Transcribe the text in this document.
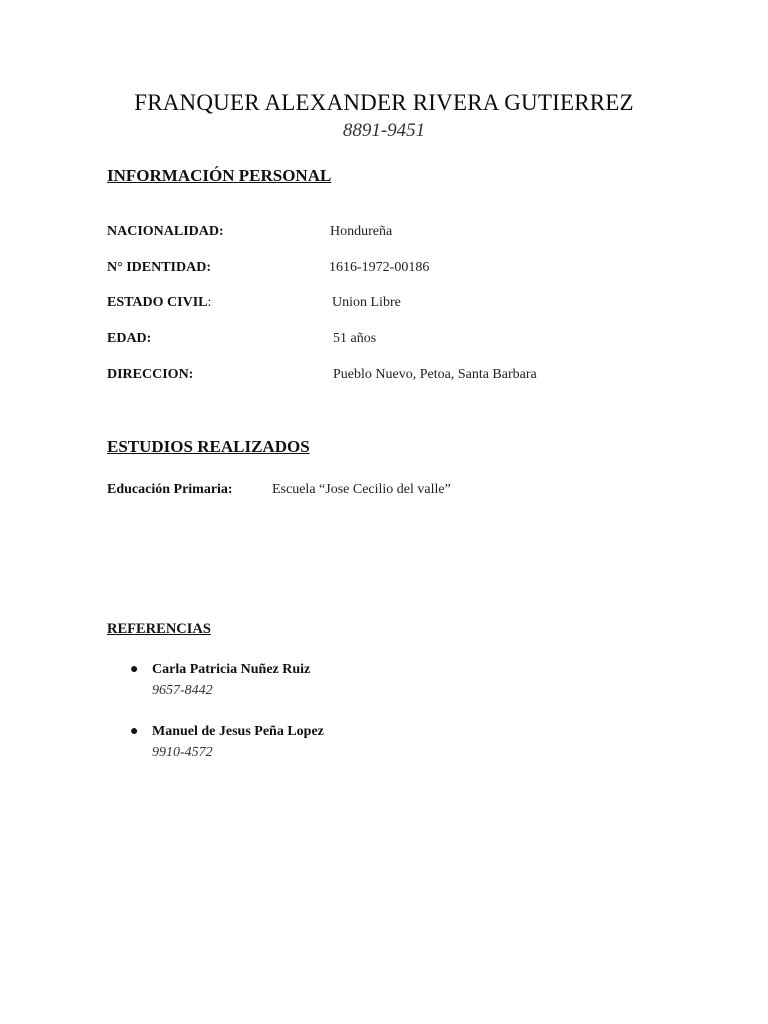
FRANQUER ALEXANDER RIVERA GUTIERREZ
8891-9451
INFORMACIÓN PERSONAL
NACIONALIDAD:	Hondureña
N° IDENTIDAD:	1616-1972-00186
ESTADO CIVIL:	Union Libre
EDAD:	51 años
DIRECCION:	Pueblo Nuevo, Petoa, Santa Barbara
ESTUDIOS REALIZADOS
Educación Primaria:	Escuela “Jose Cecilio del valle”
REFERENCIAS
● Carla Patricia Nuñez Ruiz
9657-8442
● Manuel de Jesus Peña Lopez
9910-4572
